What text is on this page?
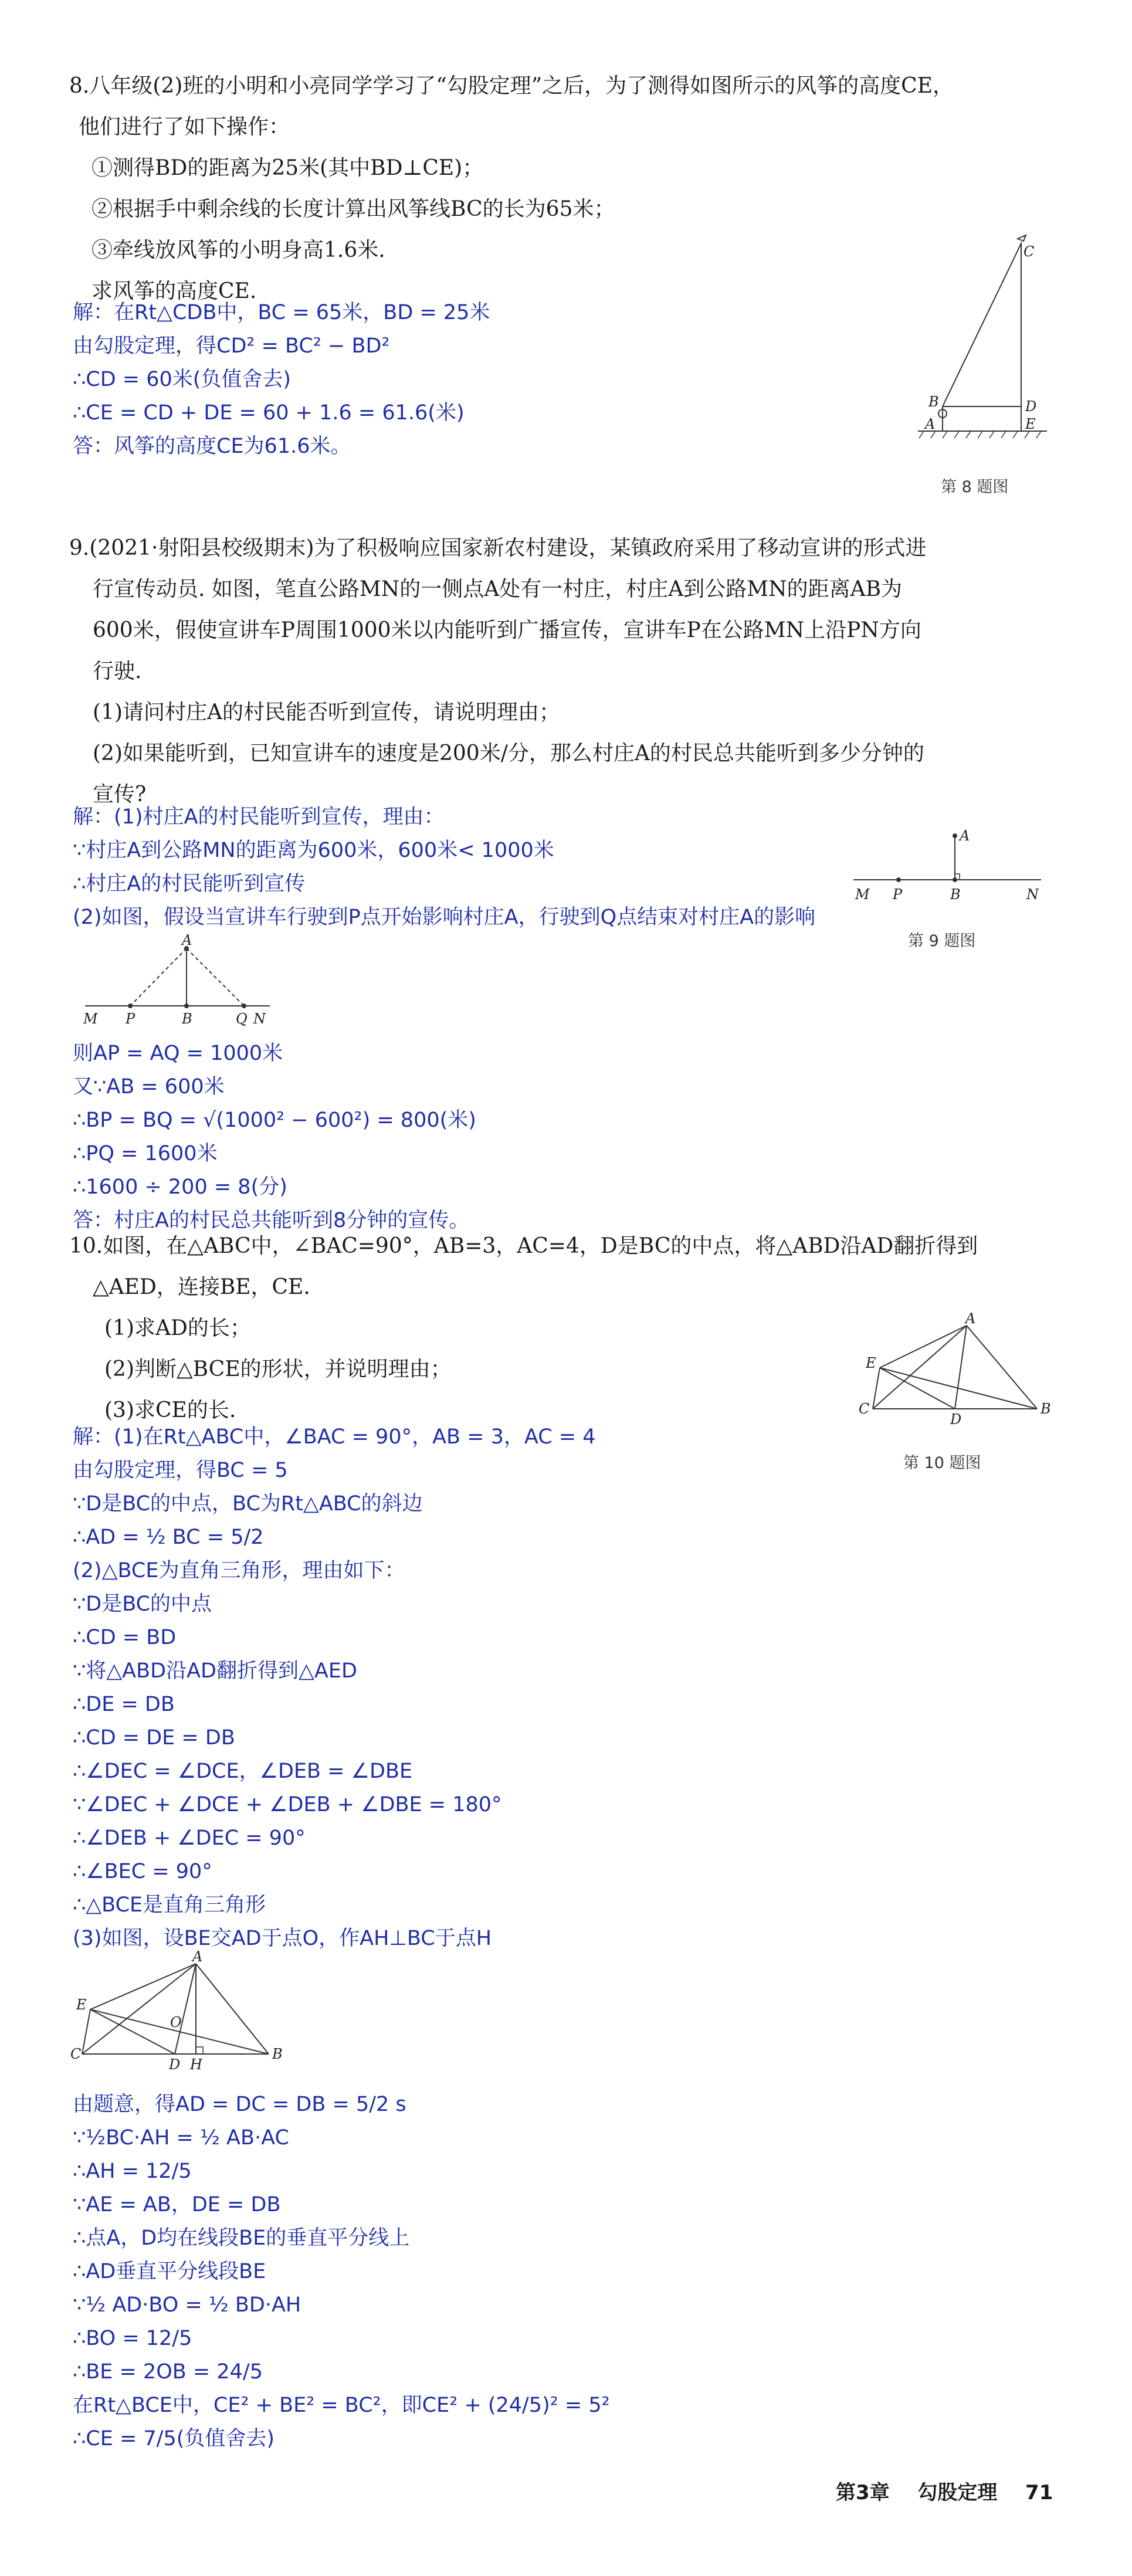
8.八年级(2)班的小明和小亮同学学习了“勾股定理”之后，为了测得如图所示的风筝的高度CE，
他们进行了如下操作：
①测得BD的距离为25米(其中BD⊥CE)；
②根据手中剩余线的长度计算出风筝线BC的长为65米；
③牵线放风筝的小明身高1.6米.
求风筝的高度CE.
解：在Rt△CDB中，BC = 65米，BD = 25米
由勾股定理，得CD² = BC² − BD²
∴CD = 60米(负值舍去)
∴CE = CD + DE = 60 + 1.6 = 61.6(米)
答：风筝的高度CE为61.6米。
C
B	D
A	E
第 8 题图
9.(2021·射阳县校级期末)为了积极响应国家新农村建设，某镇政府采用了移动宣讲的形式进
行宣传动员. 如图，笔直公路MN的一侧点A处有一村庄，村庄A到公路MN的距离AB为
600米，假使宣讲车P周围1000米以内能听到广播宣传，宣讲车P在公路MN上沿PN方向
行驶.
(1)请问村庄A的村民能否听到宣传，请说明理由；
(2)如果能听到，已知宣讲车的速度是200米/分，那么村庄A的村民总共能听到多少分钟的
宣传?
解：(1)村庄A的村民能听到宣传，理由：
∵村庄A到公路MN的距离为600米，600米< 1000米
∴村庄A的村民能听到宣传
(2)如图，假设当宣讲车行驶到P点开始影响村庄A，行驶到Q点结束对村庄A的影响
A
M P	B	N
第 9 题图
A
M P	B	Q N
则AP = AQ = 1000米
又∵AB = 600米
∴BP = BQ = √(1000² − 600²) = 800(米)
∴PQ = 1600米
∴1600 ÷ 200 = 8(分)
答：村庄A的村民总共能听到8分钟的宣传。
10.如图，在△ABC中，∠BAC=90°，AB=3，AC=4，D是BC的中点，将△ABD沿AD翻折得到
△AED，连接BE，CE.
(1)求AD的长；
(2)判断△BCE的形状，并说明理由；
(3)求CE的长.
A
E
C
D
B
第 10 题图
解：(1)在Rt△ABC中，∠BAC = 90°，AB = 3，AC = 4
由勾股定理，得BC = 5
∵D是BC的中点，BC为Rt△ABC的斜边
∴AD = ½ BC = 5/2
(2)△BCE为直角三角形，理由如下：
∵D是BC的中点
∴CD = BD
∵将△ABD沿AD翻折得到△AED
∴DE = DB
∴CD = DE = DB
∴∠DEC = ∠DCE，∠DEB = ∠DBE
∵∠DEC + ∠DCE + ∠DEB + ∠DBE = 180°
∴∠DEB + ∠DEC = 90°
∴∠BEC = 90°
∴△BCE是直角三角形
(3)如图，设BE交AD于点O，作AH⊥BC于点H
A
E
O
C
D H
B
由题意，得AD = DC = DB = 5/2 s
∵½BC·AH = ½ AB·AC
∴AH = 12/5
∵AE = AB，DE = DB
∴点A，D均在线段BE的垂直平分线上
∴AD垂直平分线段BE
∵½ AD·BO = ½ BD·AH
∴BO = 12/5
∴BE = 2OB = 24/5
在Rt△BCE中，CE² + BE² = BC²，即CE² + (24/5)² = 5²
∴CE = 7/5(负值舍去)
第3章 勾股定理 71
